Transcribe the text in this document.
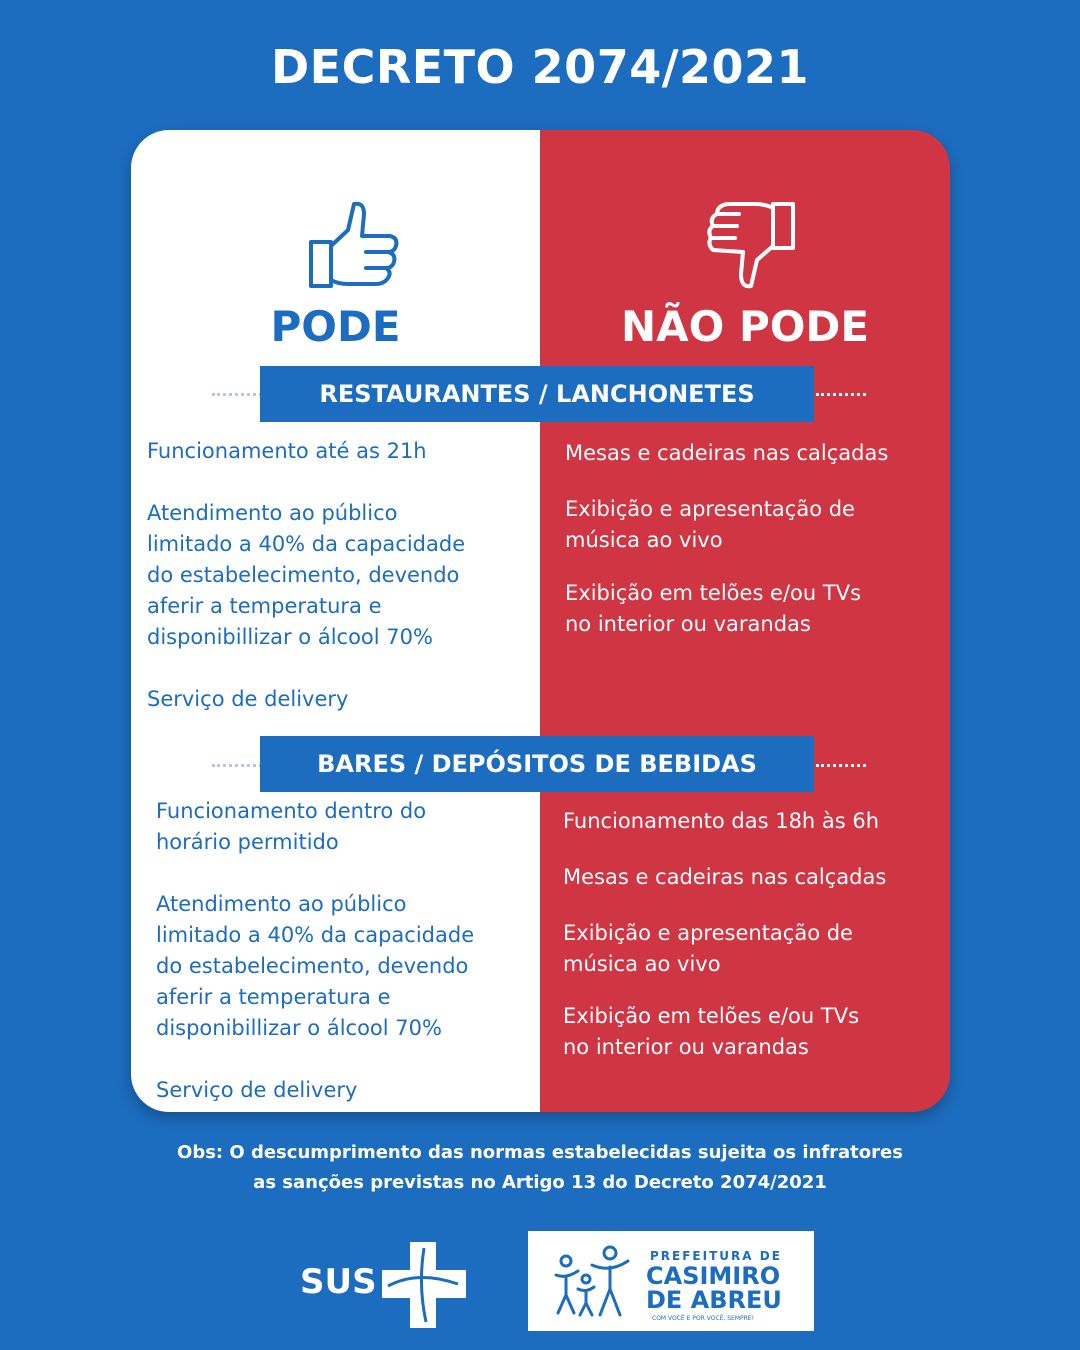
DECRETO 2074/2021
PODE	NÃO PODE
RESTAURANTES / LANCHONETES
Funcionamento até as 21h
Atendimento ao público
limitado a 40% da capacidade
do estabelecimento, devendo
aferir a temperatura e
disponibillizar o álcool 70%
Serviço de delivery
Mesas e cadeiras nas calçadas
Exibição e apresentação de
música ao vivo
Exibição em telões e/ou TVs
no interior ou varandas
BARES / DEPÓSITOS DE BEBIDAS
Funcionamento dentro do
horário permitido
Atendimento ao público
limitado a 40% da capacidade
do estabelecimento, devendo
aferir a temperatura e
disponibillizar o álcool 70%
Serviço de delivery
Funcionamento das 18h às 6h
Mesas e cadeiras nas calçadas
Exibição e apresentação de
música ao vivo
Exibição em telões e/ou TVs
no interior ou varandas
Obs: O descumprimento das normas estabelecidas sujeita os infratores
as sanções previstas no Artigo 13 do Decreto 2074/2021
SUS
PREFEITURA DE
CASIMIRO
DE ABREU
COM VOCÊ E POR VOCÊ, SEMPRE!
